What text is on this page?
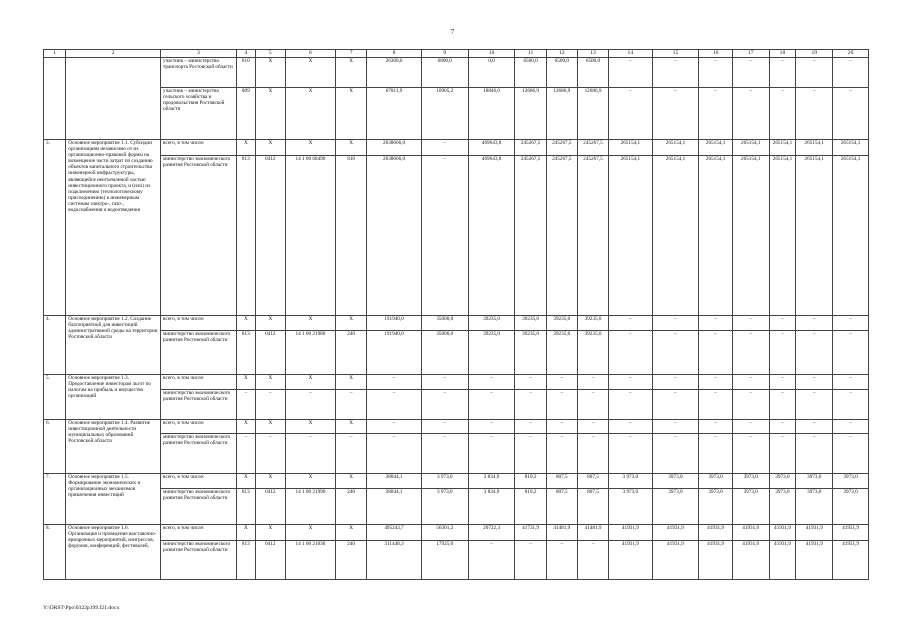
7
1	2	3	4	5	6	7	8	9	10	11	12	13	14	15	16	17	18	19	20
		участник – министерство транспорта Ростовской области	810	Х	Х	Х	26300,0	6800,0	0,0	6500,0	6500,0	6500,0	–	–	–	–	–	–	–
		участник – министерство сельского хозяйства и продовольствия Ростовской области	809	Х	Х	Х	67811,9	10905,2	18846,0	12686,9	12686,9	12686,9	–	–	–	–	–	–	–
3.	Основное мероприятие 1.1. Субсидии организациям независимо от их организационно-правовой формы на возмещение части затрат по созданию объектов капитального строительства инженерной инфраструктуры, являющейся неотъемлемой частью инвестиционного проекта, и (или) их подключению (технологическому присоединению) к инженерным системам электро-, газо-, водоснабжения и водоотведения	всего, в том числе:	Х	Х	Х	Х	2638666,0	–	469643,8	245267,5	245267,5	245267,5	265154,1	265154,1	265154,1	265154,1	265154,1	265154,1	265154,1
		министерство экономического развития Ростовской области	813	0412	14 1 00 68490	810	2638666,0	–	469643,8	245267,5	245267,5	245267,5	265154,1	265154,1	265154,1	265154,1	265154,1	265154,1	265154,1
4.	Основное мероприятие 1.2. Создание благоприятной для инвестиций административной среды на территории Ростовской области	всего, в том числе:	Х	Х	Х	Х	191940,0	35000,0	39235,0	39235,0	39235,0	39235,0	–	–	–	–	–	–	–
		министерство экономического развития Ростовской области	813	0412	14 1 00 21980	240	191940,0	35000,0	39235,0	39235,0	39235,0	39235,0	–	–	–	–	–	–	–
5.	Основное мероприятие 1.3. Предоставление инвесторам льгот по налогам на прибыль и имущество организаций	всего, в том числе:	Х	Х	Х	Х	–	–	–	–	–	–	–	–	–	–	–	–	–
		министерство экономического развития Ростовской области	–	–	–	–	–	–	–	–	–	–	–	–	–	–	–	–	–
6.	Основное мероприятие 1.4. Развитие инвестиционной деятельности муниципальных образований Ростовской области	всего, в том числе:	Х	Х	Х	Х	–	–	–	–	–	–	–	–	–	–	–	–	–
		министерство экономического развития Ростовской области	–	–	–	–	–	–	–	–	–	–	–	–	–	–	–	–	–
7.	Основное мероприятие 1.5. Формирование экономических и организационных механизмов привлечения инвестиций	всего, в том числе:	Х	Х	Х	Х	38044,1	3 973,0	3 834,9	810,2	807,5	807,5	3 973,0	3973,0	3973,0	3973,0	3973,0	3973,0	3973,0
		министерство экономического развития Ростовской области	813	0412	14 1 00 21990	240	38044,1	3 973,0	3 834,9	810,2	807,5	807,5	3 973,0	3973,0	3973,0	3973,0	3973,0	3973,0	3973,0
8.	Основное мероприятие 1.6. Организация и проведение выставочно-ярмарочных мероприятий, конгрессов, форумов, конференций, фестивалей,	всего, в том числе:	Х	Х	Х	Х	495243,7	56301,2	20722,3	41731,9	41481,9	41481,9	41931,9	41931,9	41931,9	41931,9	41931,9	41931,9	41931,9
		министерство экономического развития Ростовской области	813	0412	14 1 00 21030	240	311448,3	17925,0	–	–	–	–	41931,9	41931,9	41931,9	41931,9	41931,9	41931,9	41931,9
Y:\ORST\Ppo\0322p199.f21.docx
